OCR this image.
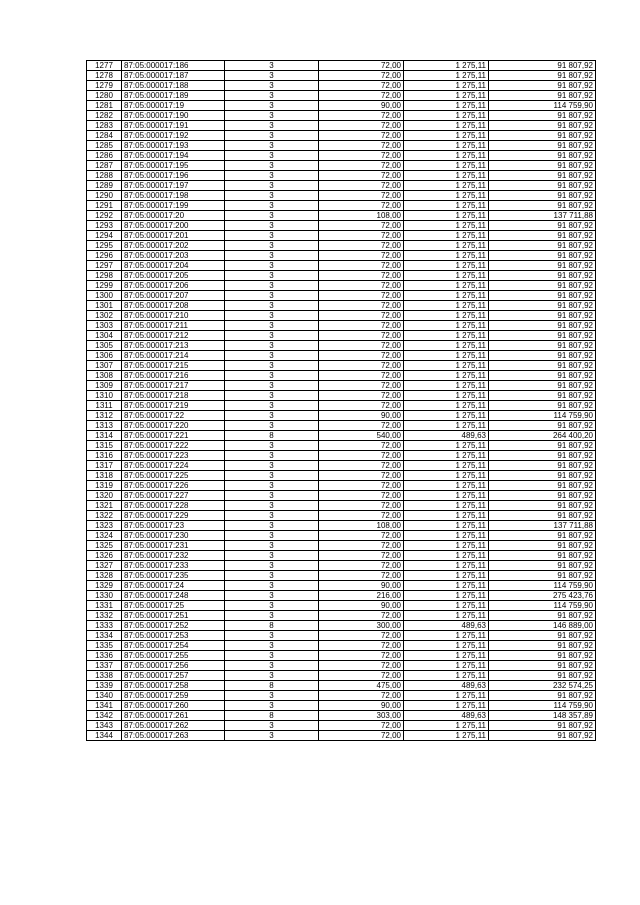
1277	87:05:000017:186	3	72,00	1 275,11	91 807,92
1278	87:05:000017:187	3	72,00	1 275,11	91 807,92
1279	87:05:000017:188	3	72,00	1 275,11	91 807,92
1280	87:05:000017:189	3	72,00	1 275,11	91 807,92
1281	87:05:000017:19	3	90,00	1 275,11	114 759,90
1282	87:05:000017:190	3	72,00	1 275,11	91 807,92
1283	87:05:000017:191	3	72,00	1 275,11	91 807,92
1284	87:05:000017:192	3	72,00	1 275,11	91 807,92
1285	87:05:000017:193	3	72,00	1 275,11	91 807,92
1286	87:05:000017:194	3	72,00	1 275,11	91 807,92
1287	87:05:000017:195	3	72,00	1 275,11	91 807,92
1288	87:05:000017:196	3	72,00	1 275,11	91 807,92
1289	87:05:000017:197	3	72,00	1 275,11	91 807,92
1290	87:05:000017:198	3	72,00	1 275,11	91 807,92
1291	87:05:000017:199	3	72,00	1 275,11	91 807,92
1292	87:05:000017:20	3	108,00	1 275,11	137 711,88
1293	87:05:000017:200	3	72,00	1 275,11	91 807,92
1294	87:05:000017:201	3	72,00	1 275,11	91 807,92
1295	87:05:000017:202	3	72,00	1 275,11	91 807,92
1296	87:05:000017:203	3	72,00	1 275,11	91 807,92
1297	87:05:000017:204	3	72,00	1 275,11	91 807,92
1298	87:05:000017:205	3	72,00	1 275,11	91 807,92
1299	87:05:000017:206	3	72,00	1 275,11	91 807,92
1300	87:05:000017:207	3	72,00	1 275,11	91 807,92
1301	87:05:000017:208	3	72,00	1 275,11	91 807,92
1302	87:05:000017:210	3	72,00	1 275,11	91 807,92
1303	87:05:000017:211	3	72,00	1 275,11	91 807,92
1304	87:05:000017:212	3	72,00	1 275,11	91 807,92
1305	87:05:000017:213	3	72,00	1 275,11	91 807,92
1306	87:05:000017:214	3	72,00	1 275,11	91 807,92
1307	87:05:000017:215	3	72,00	1 275,11	91 807,92
1308	87:05:000017:216	3	72,00	1 275,11	91 807,92
1309	87:05:000017:217	3	72,00	1 275,11	91 807,92
1310	87:05:000017:218	3	72,00	1 275,11	91 807,92
1311	87:05:000017:219	3	72,00	1 275,11	91 807,92
1312	87:05:000017:22	3	90,00	1 275,11	114 759,90
1313	87:05:000017:220	3	72,00	1 275,11	91 807,92
1314	87:05:000017:221	8	540,00	489,63	264 400,20
1315	87:05:000017:222	3	72,00	1 275,11	91 807,92
1316	87:05:000017:223	3	72,00	1 275,11	91 807,92
1317	87:05:000017:224	3	72,00	1 275,11	91 807,92
1318	87:05:000017:225	3	72,00	1 275,11	91 807,92
1319	87:05:000017:226	3	72,00	1 275,11	91 807,92
1320	87:05:000017:227	3	72,00	1 275,11	91 807,92
1321	87:05:000017:228	3	72,00	1 275,11	91 807,92
1322	87:05:000017:229	3	72,00	1 275,11	91 807,92
1323	87:05:000017:23	3	108,00	1 275,11	137 711,88
1324	87:05:000017:230	3	72,00	1 275,11	91 807,92
1325	87:05:000017:231	3	72,00	1 275,11	91 807,92
1326	87:05:000017:232	3	72,00	1 275,11	91 807,92
1327	87:05:000017:233	3	72,00	1 275,11	91 807,92
1328	87:05:000017:235	3	72,00	1 275,11	91 807,92
1329	87:05:000017:24	3	90,00	1 275,11	114 759,90
1330	87:05:000017:248	3	216,00	1 275,11	275 423,76
1331	87:05:000017:25	3	90,00	1 275,11	114 759,90
1332	87:05:000017:251	3	72,00	1 275,11	91 807,92
1333	87:05:000017:252	8	300,00	489,63	146 889,00
1334	87:05:000017:253	3	72,00	1 275,11	91 807,92
1335	87:05:000017:254	3	72,00	1 275,11	91 807,92
1336	87:05:000017:255	3	72,00	1 275,11	91 807,92
1337	87:05:000017:256	3	72,00	1 275,11	91 807,92
1338	87:05:000017:257	3	72,00	1 275,11	91 807,92
1339	87:05:000017:258	8	475,00	489,63	232 574,25
1340	87:05:000017:259	3	72,00	1 275,11	91 807,92
1341	87:05:000017:260	3	90,00	1 275,11	114 759,90
1342	87:05:000017:261	8	303,00	489,63	148 357,89
1343	87:05:000017:262	3	72,00	1 275,11	91 807,92
1344	87:05:000017:263	3	72,00	1 275,11	91 807,92
